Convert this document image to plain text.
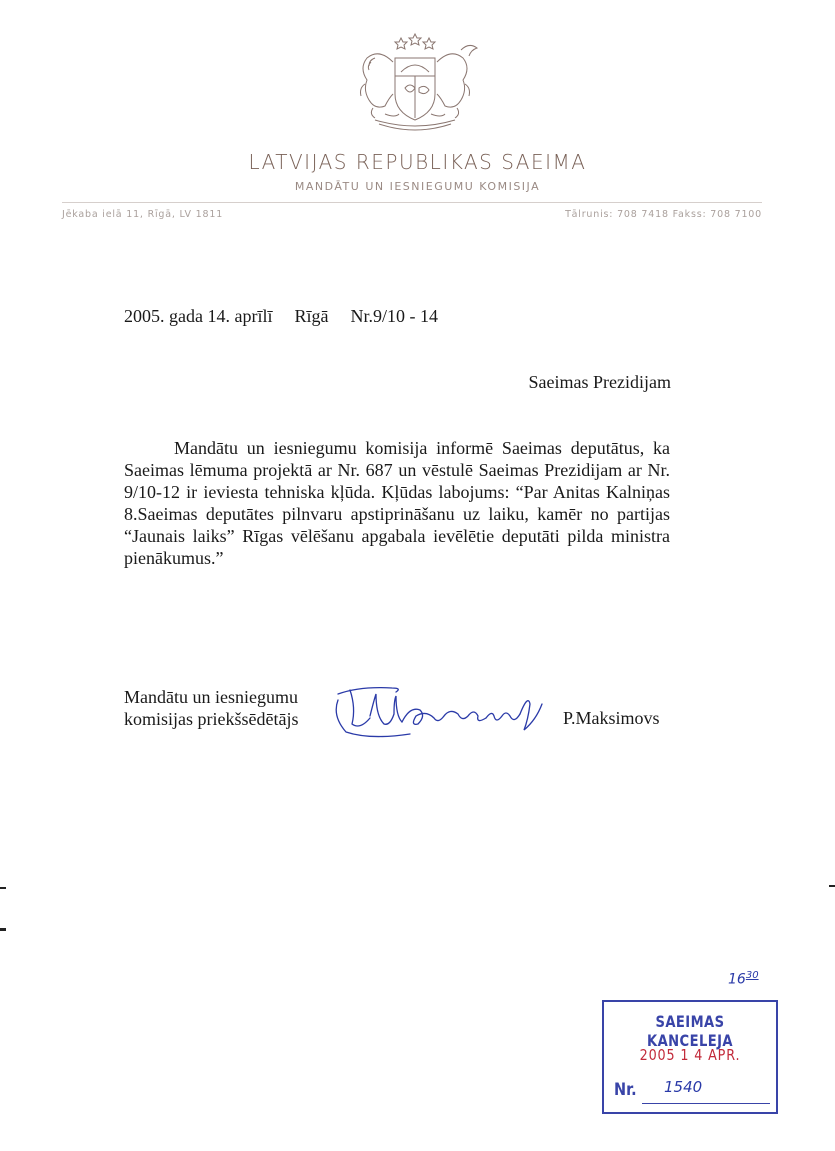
LATVIJAS REPUBLIKAS SAEIMA
MANDĀTU UN IESNIEGUMU KOMISIJA
Jēkaba ielā 11, Rīgā, LV 1811	Tālrunis: 708 7418 Fakss: 708 7100
2005. gada 14. aprīlī Rīgā Nr.9/10 - 14
Saeimas Prezidijam
Mandātu un iesniegumu komisija informē Saeimas deputātus, ka Saeimas lēmuma projektā ar Nr. 687 un vēstulē Saeimas Prezidijam ar Nr. 9/10-12 ir ieviesta tehniska kļūda. Kļūdas labojums: “Par Anitas Kalniņas 8.Saeimas deputātes pilnvaru apstiprināšanu uz laiku, kamēr no partijas “Jaunais laiks” Rīgas vēlēšanu apgabala ievēlētie deputāti pilda ministra pienākumus.”
Mandātu un iesniegumu
komisijas priekšsēdētājs	P.Maksimovs
$16^{30}$
SAEIMAS KANCELEJA
2005 1 4 APR.
Nr. 1540
